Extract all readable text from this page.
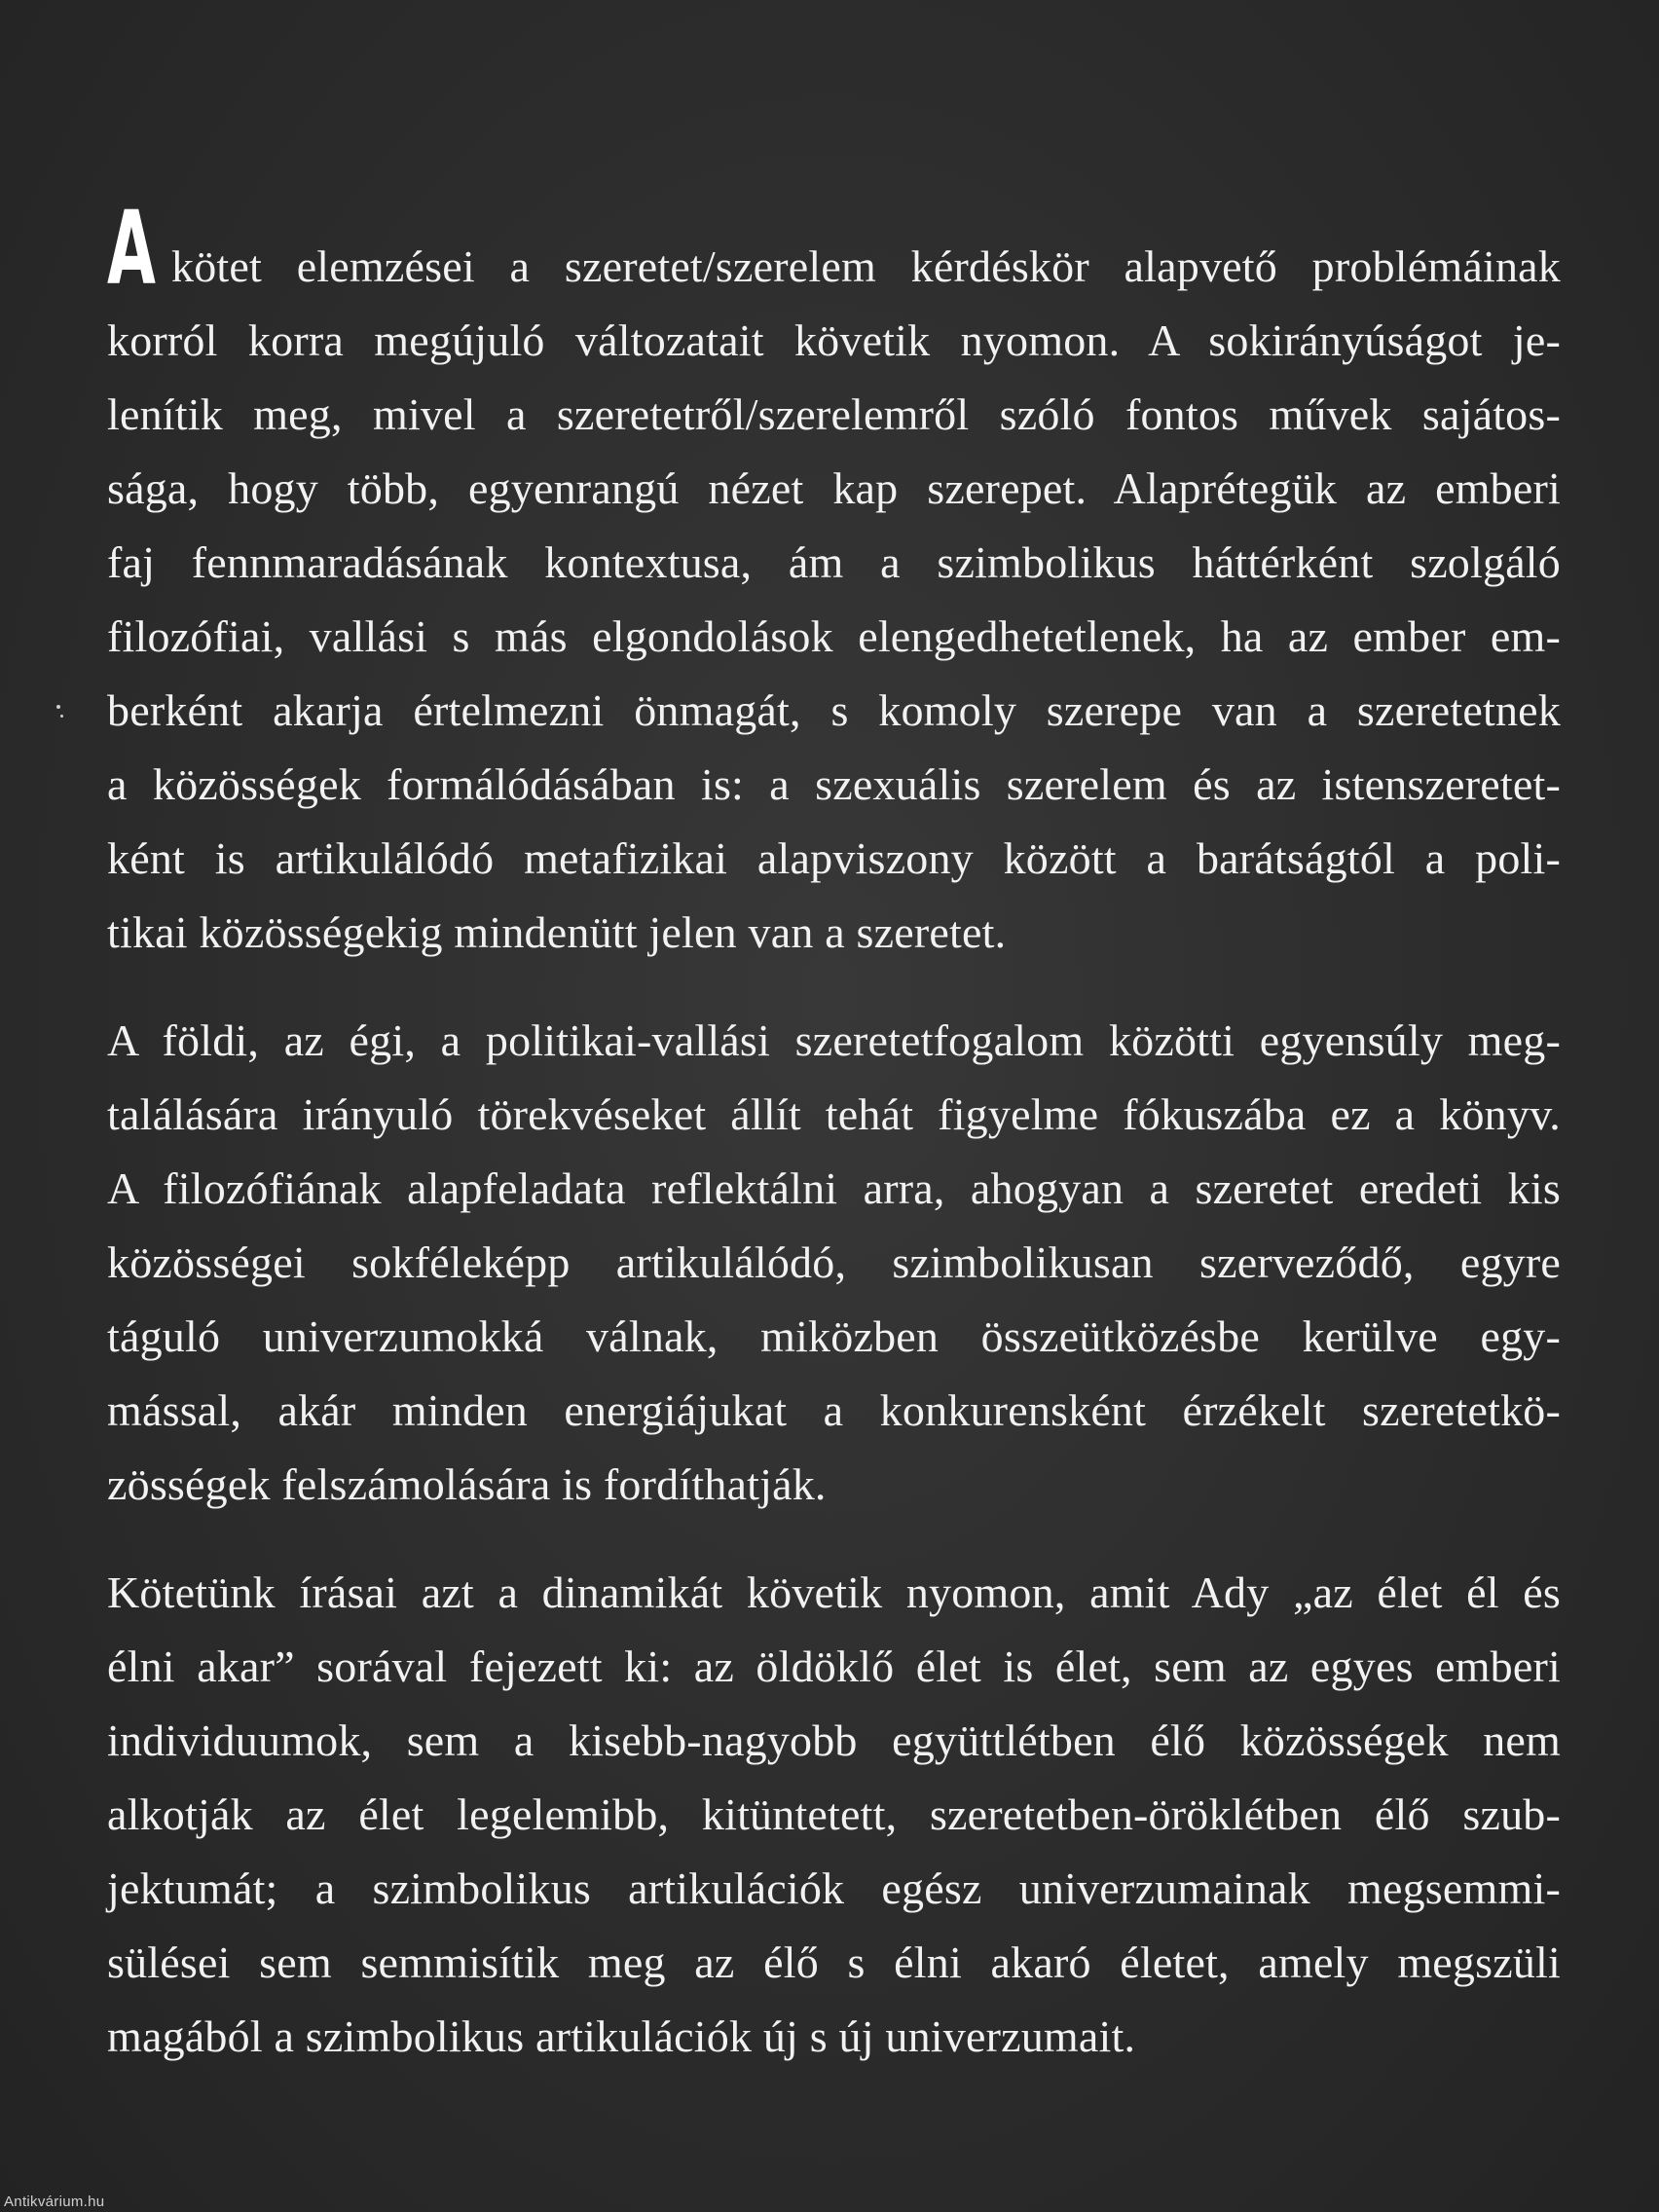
A kötet elemzései a szeretet/szerelem kérdéskör alapvető problémáinak
korról korra megújuló változatait követik nyomon. A sokirányúságot je-
lenítik meg, mivel a szeretetről/szerelemről szóló fontos művek sajátos-
sága, hogy több, egyenrangú nézet kap szerepet. Alaprétegük az emberi
faj fennmaradásának kontextusa, ám a szimbolikus háttérként szolgáló
filozófiai, vallási s más elgondolások elengedhetetlenek, ha az ember em-
berként akarja értelmezni önmagát, s komoly szerepe van a szeretetnek
a közösségek formálódásában is: a szexuális szerelem és az istenszeretet-
ként is artikulálódó metafizikai alapviszony között a barátságtól a poli-
tikai közösségekig mindenütt jelen van a szeretet.

A földi, az égi, a politikai-vallási szeretetfogalom közötti egyensúly meg-
találására irányuló törekvéseket állít tehát figyelme fókuszába ez a könyv.
A filozófiának alapfeladata reflektálni arra, ahogyan a szeretet eredeti kis
közösségei sokféleképp artikulálódó, szimbolikusan szerveződő, egyre
táguló univerzumokká válnak, miközben összeütközésbe kerülve egy-
mással, akár minden energiájukat a konkurensként érzékelt szeretetkö-
zösségek felszámolására is fordíthatják.

Kötetünk írásai azt a dinamikát követik nyomon, amit Ady „az élet él és
élni akar” sorával fejezett ki: az öldöklő élet is élet, sem az egyes emberi
individuumok, sem a kisebb-nagyobb együttlétben élő közösségek nem
alkotják az élet legelemibb, kitüntetett, szeretetben-öröklétben élő szub-
jektumát; a szimbolikus artikulációk egész univerzumainak megsemmi-
sülései sem semmisítik meg az élő s élni akaró életet, amely megszüli
magából a szimbolikus artikulációk új s új univerzumait.

Antikvárium.hu
